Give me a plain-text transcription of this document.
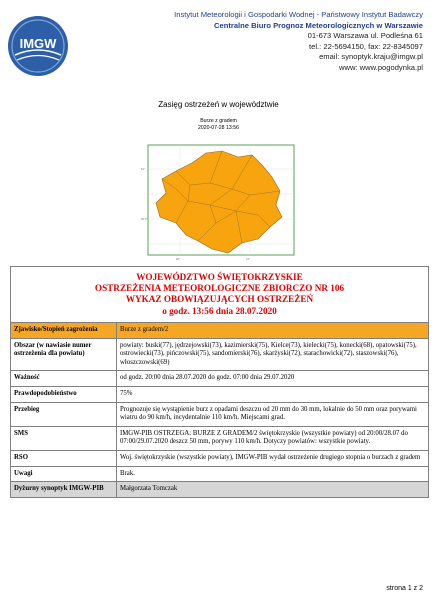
IMGW
Instytut Meteorologii i Gospodarki Wodnej - Państwowy Instytut Badawczy
Centralne Biuro Prognoz Meteorologicznych w Warszawie
01-673 Warszawa ul. Podleśna 61
tel.: 22-5694150, fax: 22-8345097
email: synoptyk.kraju@imgw.pl
www: www.pogodynka.pl
Zasięg ostrzeżeń w województwie
Burze z gradem
2020-07-28 13:56
51°
50.5°
20°	21°
WOJEWÓDZTWO ŚWIĘTOKRZYSKIE
OSTRZEŻENIA METEOROLOGICZNE ZBIORCZO NR 106
WYKAZ OBOWIĄZUJĄCYCH OSTRZEŻEŃ
o godz. 13:56 dnia 28.07.2020
Zjawisko/Stopień zagrożenia	Burze z gradem/2
Obszar (w nawiasie numer ostrzeżenia dla powiatu)	powiaty: buski(77), jędrzejowski(73), kazimierski(75), Kielce(73), kielecki(75), konecki(68), opatowski(75), ostrowiecki(73), pińczowski(75), sandomierski(76), skarżyski(72), starachowicki(72), staszowski(76), włoszczowski(69)
Ważność	od godz. 20:00 dnia 28.07.2020 do godz. 07:00 dnia 29.07.2020
Prawdopodobieństwo	75%
Przebieg	Prognozuje się wystąpienie burz z opadami deszczu od 20 mm do 30 mm, lokalnie do 50 mm oraz porywami wiatru do 90 km/h, incydentalnie 110 km/h. Miejscami grad.
SMS	IMGW-PIB OSTRZEGA: BURZE Z GRADEM/2 świętokrzyskie (wszystkie powiaty) od 20:00/28.07 do 07:00/29.07.2020 deszcz 50 mm, porywy 110 km/h. Dotyczy powiatów: wszystkie powiaty.
RSO	Woj. świętokrzyskie (wszystkie powiaty), IMGW-PIB wydał ostrzeżenie drugiego stopnia o burzach z gradem
Uwagi	Brak.
Dyżurny synoptyk IMGW-PIB	Małgorzata Tomczak
strona 1 z 2
